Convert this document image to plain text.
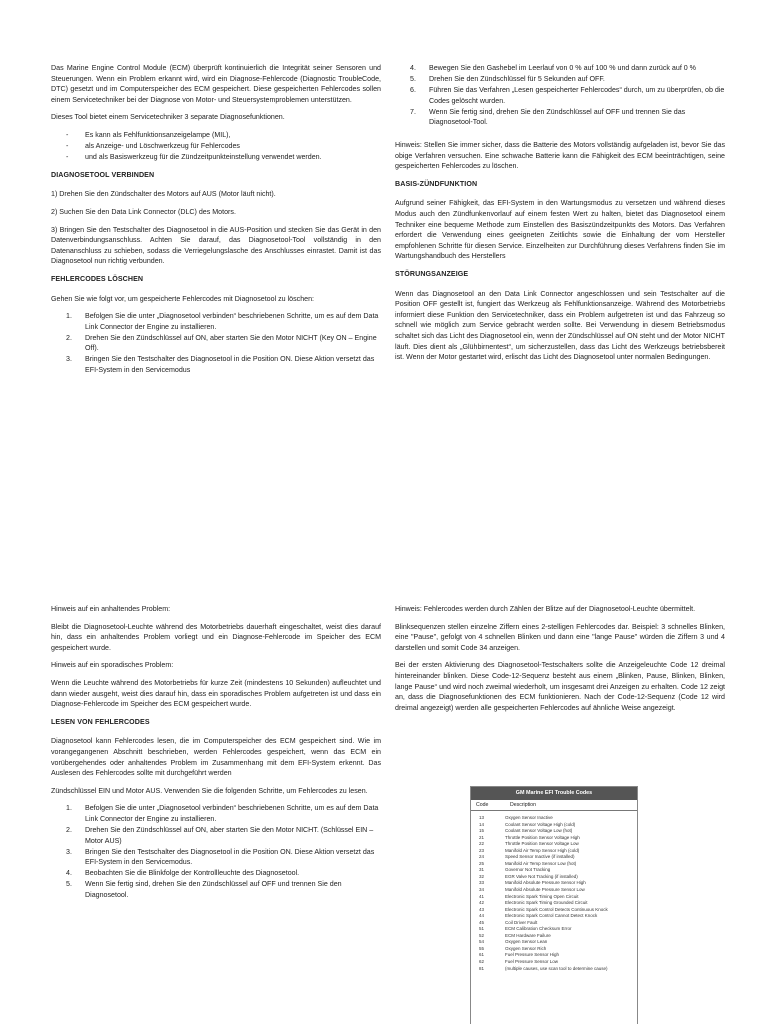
Das Marine Engine Control Module (ECM) überprüft kontinuierlich die Integrität seiner Sensoren und Steuerungen. Wenn ein Problem erkannt wird, wird ein Diagnose-Fehlercode (Diagnostic TroubleCode, DTC) gesetzt und im Computerspeicher des ECM gespeichert. Diese gespeicherten Fehlercodes sollen einem Servicetechniker bei der Diagnose von Motor- und Steuersystemproblemen unterstützen.

Dieses Tool bietet einem Servicetechniker 3 separate Diagnosefunktionen.

- Es kann als Fehlfunktionsanzeigelampe (MIL),
- als Anzeige- und Löschwerkzeug für Fehlercodes
- und als Basiswerkzeug für die Zündzeitpunkteinstellung verwendet werden.
DIAGNOSETOOL VERBINDEN

1) Drehen Sie den Zündschalter des Motors auf AUS (Motor läuft nicht).

2) Suchen Sie den Data Link Connector (DLC) des Motors.

3) Bringen Sie den Testschalter des Diagnosetool in die AUS-Position und stecken Sie das Gerät in den Datenverbindungsanschluss. Achten Sie darauf, das Diagnosetool-Tool vollständig in den Datenanschluss zu schieben, sodass die Verriegelungslasche des Anschlusses einrastet. Damit ist das Diagnosetool nun richtig verbunden.

FEHLERCODES LÖSCHEN

Gehen Sie wie folgt vor, um gespeicherte Fehlercodes mit Diagnosetool zu löschen:

1. Befolgen Sie die unter „Diagnosetool verbinden“ beschriebenen Schritte, um es auf dem Data Link Connector der Engine zu installieren.
2. Drehen Sie den Zündschlüssel auf ON, aber starten Sie den Motor NICHT (Key ON – Engine Off).
3. Bringen Sie den Testschalter des Diagnosetool in die Position ON. Diese Aktion versetzt das EFI-System in den Servicemodus
4. Bewegen Sie den Gashebel im Leerlauf von 0 % auf 100 % und dann zurück auf 0 %
5. Drehen Sie den Zündschlüssel für 5 Sekunden auf OFF.
6. Führen Sie das Verfahren „Lesen gespeicherter Fehlercodes“ durch, um zu überprüfen, ob die Codes gelöscht wurden.
7. Wenn Sie fertig sind, drehen Sie den Zündschlüssel auf OFF und trennen Sie das Diagnosetool-Tool.

Hinweis: Stellen Sie immer sicher, dass die Batterie des Motors vollständig aufgeladen ist, bevor Sie das obige Verfahren versuchen. Eine schwache Batterie kann die Fähigkeit des ECM beeinträchtigen, seine gespeicherten Fehlercodes zu löschen.

BASIS-ZÜNDFUNKTION

Aufgrund seiner Fähigkeit, das EFI-System in den Wartungsmodus zu versetzen und während dieses Modus auch den Zündfunkenvorlauf auf einem festen Wert zu halten, bietet das Diagnosetool einem Techniker eine bequeme Methode zum Einstellen des Basiszündzeitpunkts des Motors. Das Verfahren erfordert die Verwendung eines geeigneten Zeitlichts sowie die Einhaltung der vom Hersteller empfohlenen Schritte für diesen Service. Einzelheiten zur Durchführung dieses Verfahrens finden Sie im Wartungshandbuch des Herstellers

STÖRUNGSANZEIGE

Wenn das Diagnosetool an den Data Link Connector angeschlossen und sein Testschalter auf die Position OFF gestellt ist, fungiert das Werkzeug als Fehlfunktionsanzeige. Während des Motorbetriebs informiert diese Funktion den Servicetechniker, dass ein Problem aufgetreten ist und das Fahrzeug so schnell wie möglich zum Service gebracht werden sollte. Bei Verwendung in diesem Betriebsmodus schaltet sich das Licht des Diagnosetool ein, wenn der Zündschlüssel auf ON steht und der Motor NICHT läuft. Dies dient als „Glühbirnentest“, um sicherzustellen, dass das Licht des Werkzeugs betriebsbereit ist. Wenn der Motor gestartet wird, erlischt das Licht des Diagnosetool unter normalen Bedingungen.

Hinweis auf ein anhaltendes Problem:

Bleibt die Diagnosetool-Leuchte während des Motorbetriebs dauerhaft eingeschaltet, weist dies darauf hin, dass ein anhaltendes Problem vorliegt und ein Diagnose-Fehlercode im Speicher des ECM gespeichert wurde.

Hinweis auf ein sporadisches Problem:

Wenn die Leuchte während des Motorbetriebs für kurze Zeit (mindestens 10 Sekunden) aufleuchtet und dann wieder ausgeht, weist dies darauf hin, dass ein sporadisches Problem aufgetreten ist und dass ein Diagnose-Fehlercode im Speicher des ECM gespeichert wurde.

LESEN VON FEHLERCODES

Diagnosetool kann Fehlercodes lesen, die im Computerspeicher des ECM gespeichert sind. Wie im vorangegangenen Abschnitt beschrieben, werden Fehlercodes gespeichert, wenn das ECM ein vorübergehendes oder anhaltendes Problem im Zusammenhang mit dem EFI-System erkennt. Das Auslesen des Fehlercodes sollte mit durchgeführt werden

Zündschlüssel EIN und Motor AUS. Verwenden Sie die folgenden Schritte, um Fehlercodes zu lesen.

1. Befolgen Sie die unter „Diagnosetool verbinden“ beschriebenen Schritte, um es auf dem Data Link Connector der Engine zu installieren.
2. Drehen Sie den Zündschlüssel auf ON, aber starten Sie den Motor NICHT. (Schlüssel EIN – Motor AUS)
3. Bringen Sie den Testschalter des Diagnosetool in die Position ON. Diese Aktion versetzt das EFI-System in den Servicemodus.
4. Beobachten Sie die Blinkfolge der Kontrollleuchte des Diagnosetool.
5. Wenn Sie fertig sind, drehen Sie den Zündschlüssel auf OFF und trennen Sie den Diagnosetool.

Hinweis: Fehlercodes werden durch Zählen der Blitze auf der Diagnosetool-Leuchte übermittelt.

Blinksequenzen stellen einzelne Ziffern eines 2-stelligen Fehlercodes dar. Beispiel: 3 schnelles Blinken, eine "Pause", gefolgt von 4 schnellen Blinken und dann eine "lange Pause" würden die Ziffern 3 und 4 darstellen und somit Code 34 anzeigen.

Bei der ersten Aktivierung des Diagnosetool-Testschalters sollte die Anzeigeleuchte Code 12 dreimal hintereinander blinken. Diese Code-12-Sequenz besteht aus einem „Blinken, Pause, Blinken, Blinken, lange Pause“ und wird noch zweimal wiederholt, um insgesamt drei Anzeigen zu erhalten. Code 12 zeigt an, dass die Diagnosefunktionen des ECM funktionieren. Nach der Code-12-Sequenz (Code 12 wird dreimal angezeigt) werden alle gespeicherten Fehlercodes auf ähnliche Weise angezeigt.

GM Marine EFI Trouble Codes
Code	Description
13	Oxygen Sensor Inactive
14	Coolant Sensor Voltage High (cold)
15	Coolant Sensor Voltage Low (hot)
21	Throttle Position Sensor Voltage High
22	Throttle Position Sensor Voltage Low
23	Manifold Air Temp Sensor High (cold)
24	Speed Sensor Inactive (if installed)
25	Manifold Air Temp Sensor Low (hot)
31	Governor Not Tracking
32	EGR Valve Not Tracking (if installed)
33	Manifold Absolute Pressure Sensor High
34	Manifold Absolute Pressure Sensor Low
41	Electronic Spark Timing Open Circuit
42	Electronic Spark Timing Grounded Circuit
43	Electronic Spark Control Detects Continuous Knock
44	Electronic Spark Control Cannot Detect Knock
45	Coil Driver Fault
51	ECM Calibration Checksum Error
52	ECM Hardware Failure
54	Oxygen Sensor Lean
55	Oxygen Sensor Rich
61	Fuel Pressure Sensor High
62	Fuel Pressure Sensor Low
81	(multiple causes, use scan tool to determine cause)
